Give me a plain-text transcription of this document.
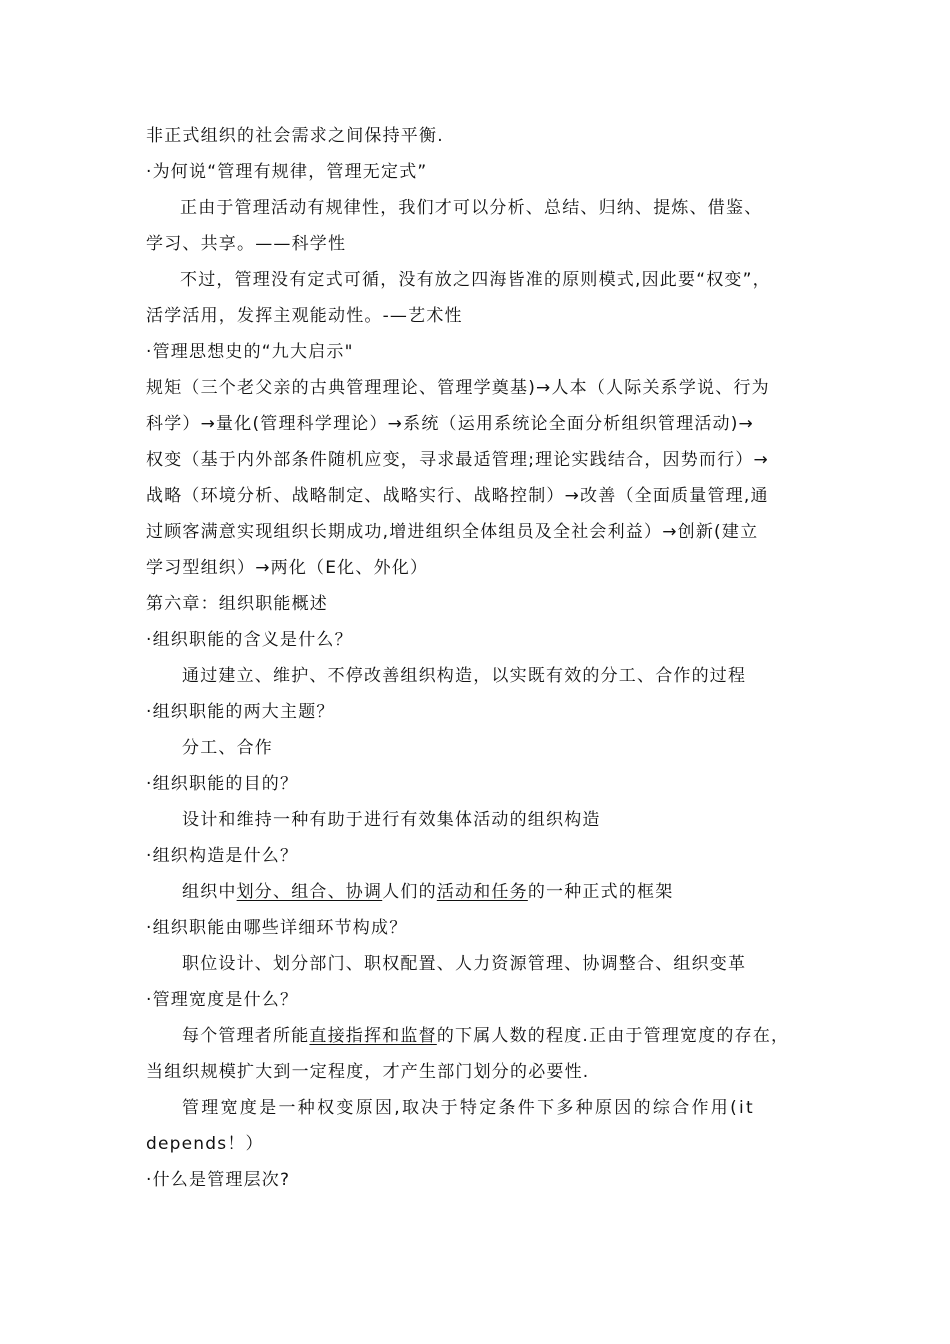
非正式组织的社会需求之间保持平衡.
·为何说“管理有规律，管理无定式”
正由于管理活动有规律性，我们才可以分析、总结、归纳、提炼、借鉴、
学习、共享。——科学性
不过，管理没有定式可循，没有放之四海皆准的原则模式,因此要“权变”，
活学活用，发挥主观能动性。-—艺术性
·管理思想史的“九大启示"
规矩（三个老父亲的古典管理理论、管理学奠基)→人本（人际关系学说、行为
科学）→量化(管理科学理论）→系统（运用系统论全面分析组织管理活动)→
权变（基于内外部条件随机应变，寻求最适管理;理论实践结合，因势而行）→
战略（环境分析、战略制定、战略实行、战略控制）→改善（全面质量管理,通
过顾客满意实现组织长期成功,增进组织全体组员及全社会利益）→创新(建立
学习型组织）→两化（E化、外化）
第六章：组织职能概述
·组织职能的含义是什么？
通过建立、维护、不停改善组织构造，以实既有效的分工、合作的过程
·组织职能的两大主题？
分工、合作
·组织职能的目的？
设计和维持一种有助于进行有效集体活动的组织构造
·组织构造是什么？
组织中划分、组合、协调人们的活动和任务的一种正式的框架
·组织职能由哪些详细环节构成？
职位设计、划分部门、职权配置、人力资源管理、协调整合、组织变革
·管理宽度是什么？
每个管理者所能直接指挥和监督的下属人数的程度.正由于管理宽度的存在，
当组织规模扩大到一定程度，才产生部门划分的必要性.
管理宽度是一种权变原因,取决于特定条件下多种原因的综合作用(it
depends！）
·什么是管理层次?
